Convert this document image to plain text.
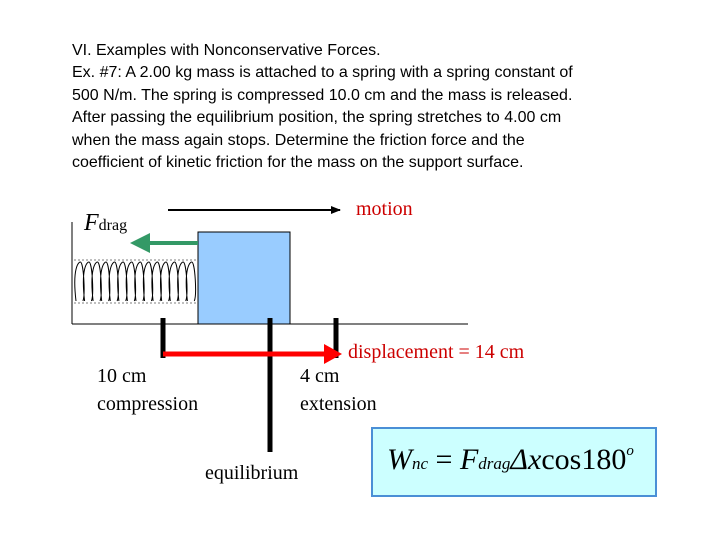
VI. Examples with Nonconservative Forces.

Ex. #7: A 2.00 kg mass is attached to a spring with a spring constant of

500 N/m. The spring is compressed 10.0 cm and the mass is released.

After passing the equilibrium position, the spring stretches to 4.00 cm

when the mass again stops. Determine the friction force and the

coefficient of kinetic friction for the mass on the support surface.

Fdrag
motion
displacement = 14 cm
10 cm
compression
4 cm
extension
equilibrium	Wnc = $Fdrag\Delta xcos180^o$
